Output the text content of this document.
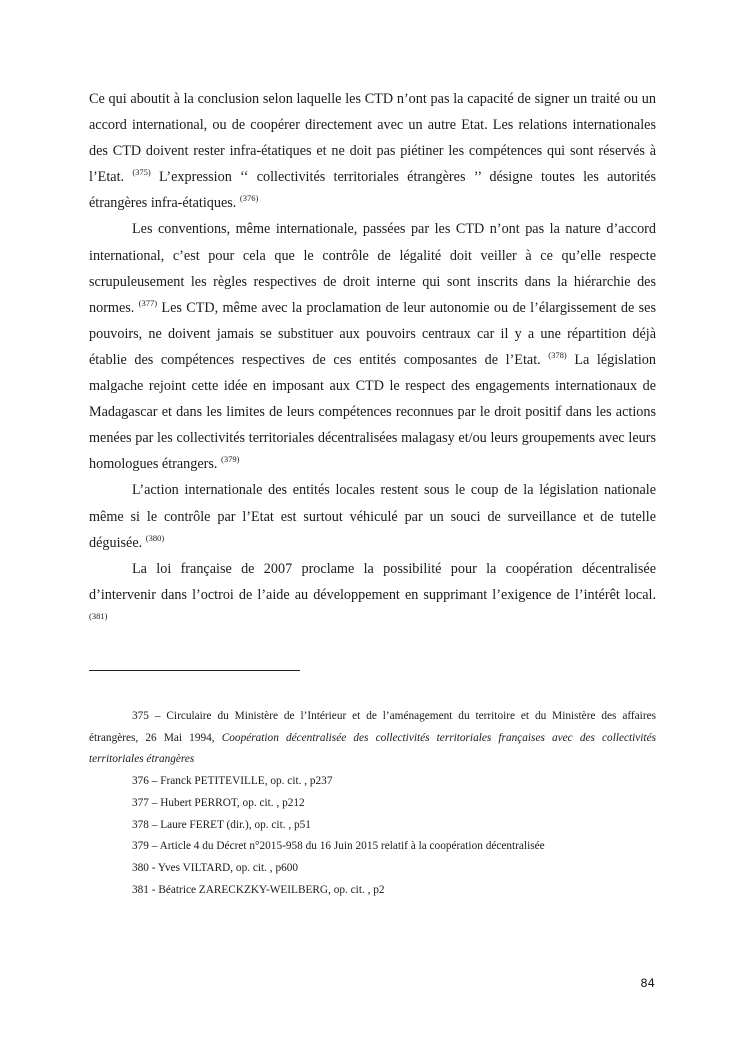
Ce qui aboutit à la conclusion selon laquelle les CTD n’ont pas la capacité de signer un traité ou un accord international, ou de coopérer directement avec un autre Etat. Les relations internationales des CTD doivent rester infra-étatiques et ne doit pas piétiner les compétences qui sont réservés à l’Etat. $^{(375)}$ L’expression ‘‘ collectivités territoriales étrangères ’’ désigne toutes les autorités étrangères infra-étatiques. $^{(376)}$

Les conventions, même internationale, passées par les CTD n’ont pas la nature d’accord international, c’est pour cela que le contrôle de légalité doit veiller à ce qu’elle respecte scrupuleusement les règles respectives de droit interne qui sont inscrits dans la hiérarchie des normes. $^{(377)}$ Les CTD, même avec la proclamation de leur autonomie ou de l’élargissement de ses pouvoirs, ne doivent jamais se substituer aux pouvoirs centraux car il y a une répartition déjà établie des compétences respectives de ces entités composantes de l’Etat. $^{(378)}$ La législation malgache rejoint cette idée en imposant aux CTD le respect des engagements internationaux de Madagascar et dans les limites de leurs compétences reconnues par le droit positif dans les actions menées par les collectivités territoriales décentralisées malagasy et/ou leurs groupements avec leurs homologues étrangers. $^{(379)}$

L’action internationale des entités locales restent sous le coup de la législation nationale même si le contrôle par l’Etat est surtout véhiculé par un souci de surveillance et de tutelle déguisée. $^{(380)}$

La loi française de 2007 proclame la possibilité pour la coopération décentralisée d’intervenir dans l’octroi de l’aide au développement en supprimant l’exigence de l’intérêt local. $^{(381)}$

375 – Circulaire du Ministère de l’Intérieur et de l’aménagement du territoire et du Ministère des affaires étrangères, 26 Mai 1994, Coopération décentralisée des collectivités territoriales françaises avec des collectivités territoriales étrangères

376 – Franck PETITEVILLE, op. cit. , p237

377 – Hubert PERROT, op. cit. , p212

378 – Laure FERET (dir.), op. cit. , p51

379 – Article 4 du Décret n°2015-958 du 16 Juin 2015 relatif à la coopération décentralisée

380 - Yves VILTARD, op. cit. , p600

381 - Béatrice ZARECKZKY-WEILBERG, op. cit. , p2

84
